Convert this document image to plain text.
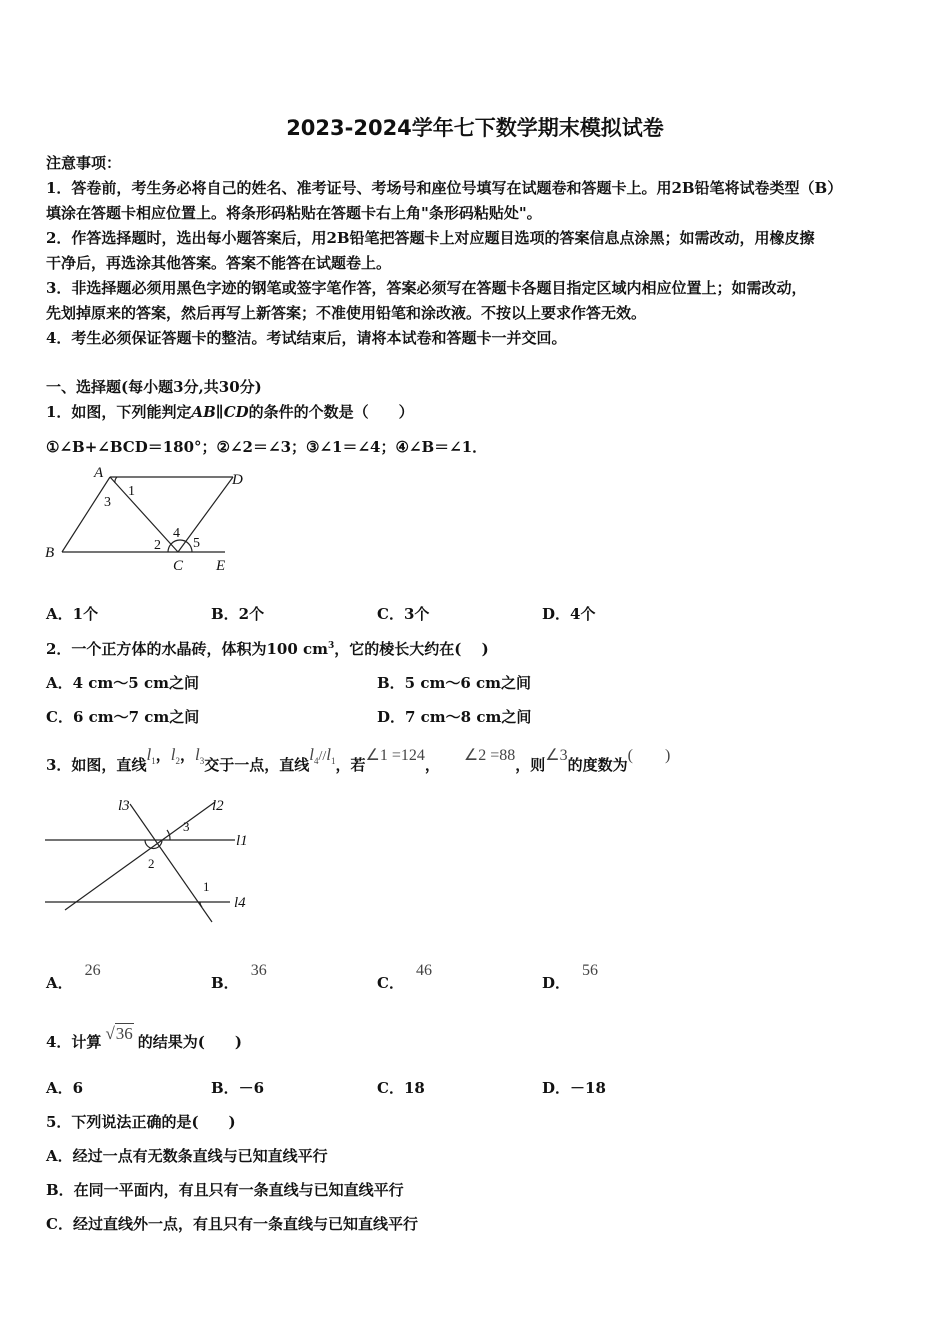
2023-2024学年七下数学期末模拟试卷
注意事项：
1．答卷前，考生务必将自己的姓名、准考证号、考场号和座位号填写在试题卷和答题卡上。用2B铅笔将试卷类型（B）
填涂在答题卡相应位置上。将条形码粘贴在答题卡右上角"条形码粘贴处"。
2．作答选择题时，选出每小题答案后，用2B铅笔把答题卡上对应题目选项的答案信息点涂黑；如需改动，用橡皮擦
干净后，再选涂其他答案。答案不能答在试题卷上。
3．非选择题必须用黑色字迹的钢笔或签字笔作答，答案必须写在答题卡各题目指定区域内相应位置上；如需改动，
先划掉原来的答案，然后再写上新答案；不准使用铅笔和涂改液。不按以上要求作答无效。
4．考生必须保证答题卡的整洁。考试结束后，请将本试卷和答题卡一并交回。
一、选择题(每小题3分,共30分)
1．如图，下列能判定AB∥CD的条件的个数是（　　）
①∠B+∠BCD＝180°；②∠2＝∠3；③∠1＝∠4；④∠B＝∠1．
A	D
B
C E
1
2
3
4
5
A．1个	B．2个	C．3个	D．4个
2．一个正方体的水晶砖，体积为100 $cm^3$，它的棱长大约在(　 )
A．4 cm～5 cm之间	B．5 cm～6 cm之间
C．6 cm～7 cm之间	D．7 cm～8 cm之间
3．如图，直线$l_1$，$l_2$，$l_3$交于一点，直线$l_4//l_1$，若∠1 =124，∠2 =88，则∠3的度数为(　　)
l3	l2
l1
l4
1
2
3
A．26
B．36
C．46
D．56
4．计算 √36 的结果为(　　)
A．6	B．－6	C．18	D．－18
5．下列说法正确的是(　　)
A．经过一点有无数条直线与已知直线平行
B．在同一平面内，有且只有一条直线与已知直线平行
C．经过直线外一点，有且只有一条直线与已知直线平行
